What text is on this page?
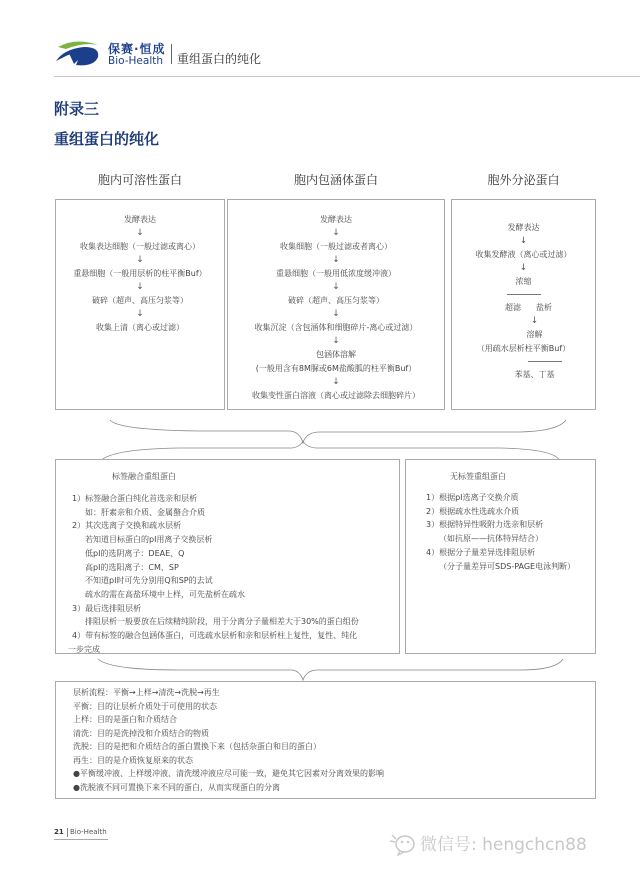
保赛·恒成
Bio-Health 重组蛋白的纯化
附录三
重组蛋白的纯化
胞内可溶性蛋白	胞内包涵体蛋白	胞外分泌蛋白
发酵表达
↓
收集表达细胞（一般过滤或离心）
↓
重悬细胞（一般用层析的柱平衡Buf）
↓
破碎（超声、高压匀浆等）
↓
收集上清（离心或过滤）
发酵表达
↓
收集细胞（一般过滤或者离心）
↓
重悬细胞（一般用低浓度缓冲液）
↓
破碎（超声、高压匀浆等）
↓
收集沉淀（含包涵体和细胞碎片-离心或过滤）
↓
包涵体溶解
(一般用含有8M脲或6M盐酸胍的柱平衡Buf）
↓
收集变性蛋白溶液（离心或过滤除去细胞碎片）
发酵表达
↓
收集发酵液（离心或过滤）
↓
浓缩
超滤 盐析
↓
溶解
（用疏水层析柱平衡Buf）
苯基、丁基
标签融合重组蛋白
1）标签融合蛋白纯化首选亲和层析
如：肝素亲和介质、金属螯合介质
2）其次选离子交换和疏水层析
若知道目标蛋白的pI用离子交换层析
低pI的选阴离子：DEAE、Q
高pI的选阳离子：CM、SP
不知道pI时可先分别用Q和SP的去试
疏水的需在高盐环境中上样，可先盐析在疏水
3）最后选排阻层析
排阻层析一般要放在后续精纯阶段，用于分离分子量相差大于30%的蛋白组份
4）带有标签的融合包涵体蛋白，可选疏水层析和亲和层析柱上复性，复性、纯化
一步完成
无标签重组蛋白
1）根据pI选离子交换介质
2）根据疏水性选疏水介质
3）根据特异性吸附力选亲和层析
（如抗原——抗体特异结合）
4）根据分子量差异选排阻层析
（分子量差异可SDS-PAGE电泳判断）
层析流程：平衡→上样→清洗→洗脱→再生
平衡：目的让层析介质处于可使用的状态
上样：目的是蛋白和介质结合
清洗：目的是洗掉没和介质结合的物质
洗脱：目的是把和介质结合的蛋白置换下来（包括杂蛋白和目的蛋白）
再生：目的是介质恢复原来的状态
●平衡缓冲液、上样缓冲液、清洗缓冲液应尽可能一致，避免其它因素对分离效果的影响
●洗脱液不同可置换下来不同的蛋白，从而实现蛋白的分离
21 Bio-Health
微信号: hengchcn88
